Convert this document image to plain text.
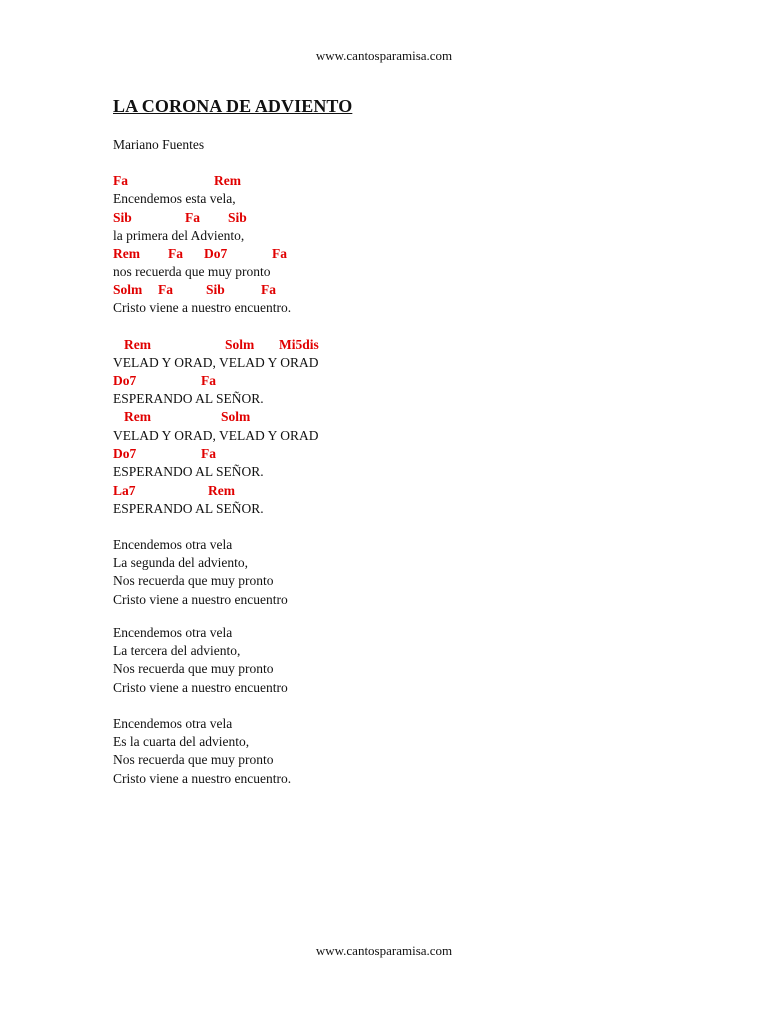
www.cantosparamisa.com
LA CORONA DE ADVIENTO
Mariano Fuentes

Fa

	Rem

Encendemos esta vela,

Sib

	Fa

Sib

la primera del Adviento,

Rem

Fa

Do7

	Fa

nos recuerda que muy pronto

Solm

Fa

Sib

	Fa

Cristo viene a nuestro encuentro.

Rem

	Solm

Mi5dis

VELAD Y ORAD, VELAD Y ORAD

Do7

	Fa

ESPERANDO AL SEÑOR.

Rem

	Solm

VELAD Y ORAD, VELAD Y ORAD

Do7

	Fa

ESPERANDO AL SEÑOR.

La7

	Rem

ESPERANDO AL SEÑOR.
Encendemos otra vela
La segunda del adviento,
Nos recuerda que muy pronto
Cristo viene a nuestro encuentro
Encendemos otra vela
La tercera del adviento,
Nos recuerda que muy pronto
Cristo viene a nuestro encuentro
Encendemos otra vela
Es la cuarta del adviento,
Nos recuerda que muy pronto
Cristo viene a nuestro encuentro.
www.cantosparamisa.com
